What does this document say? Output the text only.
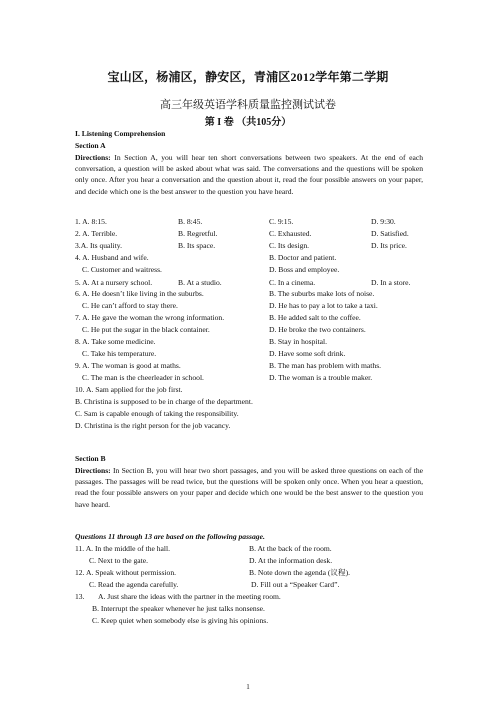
宝山区，杨浦区，静安区，青浦区2012学年第二学期
高三年级英语学科质量监控测试试卷
第 I 卷 （共105分）
I. Listening Comprehension
Section A
Directions: In Section A, you will hear ten short conversations between two speakers. At the end of each conversation, a question will be asked about what was said. The conversations and the questions will be spoken only once. After you hear a conversation and the question about it, read the four possible answers on your paper, and decide which one is the best answer to the question you have heard.
1. A. 8:15.	B. 8:45.	C. 9:15.	D. 9:30.
2. A. Terrible.	B. Regretful.	C. Exhausted.	D. Satisfied.
3.A. Its quality.	B. Its space.	C. Its design.	D. Its price.
4. A. Husband and wife.	B. Doctor and patient.
C. Customer and waitress.	D. Boss and employee.
5. A. At a nursery school.	B. At a studio.	C. In a cinema.	D. In a store.
6. A. He doesn’t like living in the suburbs.	B. The suburbs make lots of noise.
C. He can’t afford to stay there.	D. He has to pay a lot to take a taxi.
7. A. He gave the woman the wrong information.	B. He added salt to the coffee.
C. He put the sugar in the black container.	D. He broke the two containers.
8. A. Take some medicine.	B. Stay in hospital.
C. Take his temperature.	D. Have some soft drink.
9. A. The woman is good at maths.	B. The man has problem with maths.
C. The man is the cheerleader in school.	D. The woman is a trouble maker.
10. A. Sam applied for the job first.
B. Christina is supposed to be in charge of the department.
C. Sam is capable enough of taking the responsibility.
D. Christina is the right person for the job vacancy.
Section B
Directions: In Section B, you will hear two short passages, and you will be asked three questions on each of the passages. The passages will be read twice, but the questions will be spoken only once. When you hear a question, read the four possible answers on your paper and decide which one would be the best answer to the question you have heard.
Questions 11 through 13 are based on the following passage.
11. A. In the middle of the hall.	B. At the back of the room.
C. Next to the gate.	D. At the information desk.
12. A. Speak without permission.	B. Note down the agenda (议程).
C. Read the agenda carefully.	D. Fill out a “Speaker Card”.
13. A. Just share the ideas with the partner in the meeting room.
B. Interrupt the speaker whenever he just talks nonsense.
C. Keep quiet when somebody else is giving his opinions.
1
